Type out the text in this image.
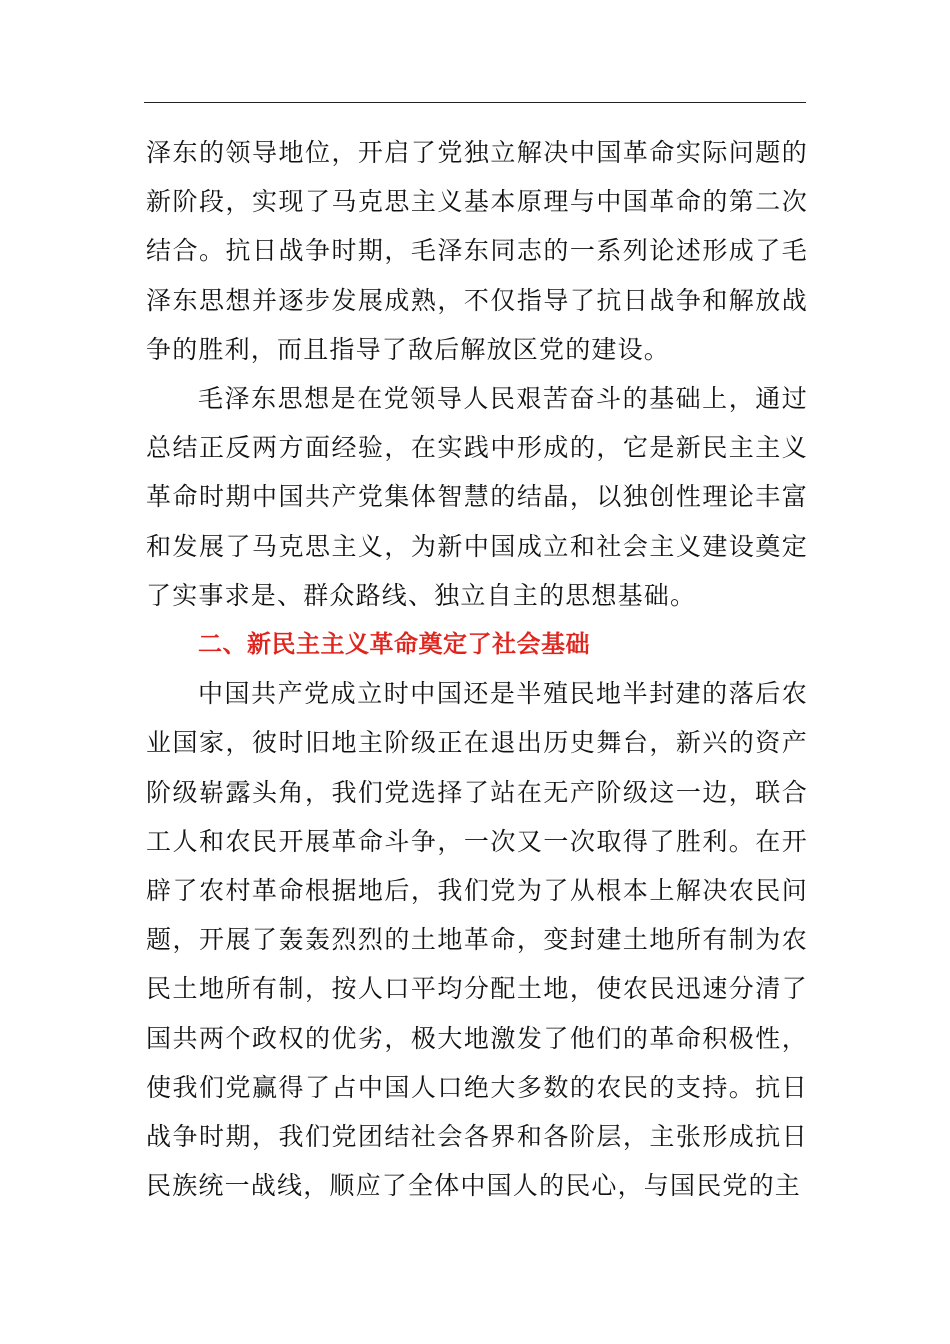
泽东的领导地位，开启了党独立解决中国革命实际问题的新阶段，实现了马克思主义基本原理与中国革命的第二次结合。抗日战争时期，毛泽东同志的一系列论述形成了毛泽东思想并逐步发展成熟，不仅指导了抗日战争和解放战争的胜利，而且指导了敌后解放区党的建设。

毛泽东思想是在党领导人民艰苦奋斗的基础上，通过总结正反两方面经验，在实践中形成的，它是新民主主义革命时期中国共产党集体智慧的结晶，以独创性理论丰富和发展了马克思主义，为新中国成立和社会主义建设奠定了实事求是、群众路线、独立自主的思想基础。

二、新民主主义革命奠定了社会基础

中国共产党成立时中国还是半殖民地半封建的落后农业国家，彼时旧地主阶级正在退出历史舞台，新兴的资产阶级崭露头角，我们党选择了站在无产阶级这一边，联合工人和农民开展革命斗争，一次又一次取得了胜利。在开辟了农村革命根据地后，我们党为了从根本上解决农民问题，开展了轰轰烈烈的土地革命，变封建土地所有制为农民土地所有制，按人口平均分配土地，使农民迅速分清了国共两个政权的优劣，极大地激发了他们的革命积极性，使我们党赢得了占中国人口绝大多数的农民的支持。抗日战争时期，我们党团结社会各界和各阶层，主张形成抗日民族统一战线，顺应了全体中国人的民心，与国民党的主
